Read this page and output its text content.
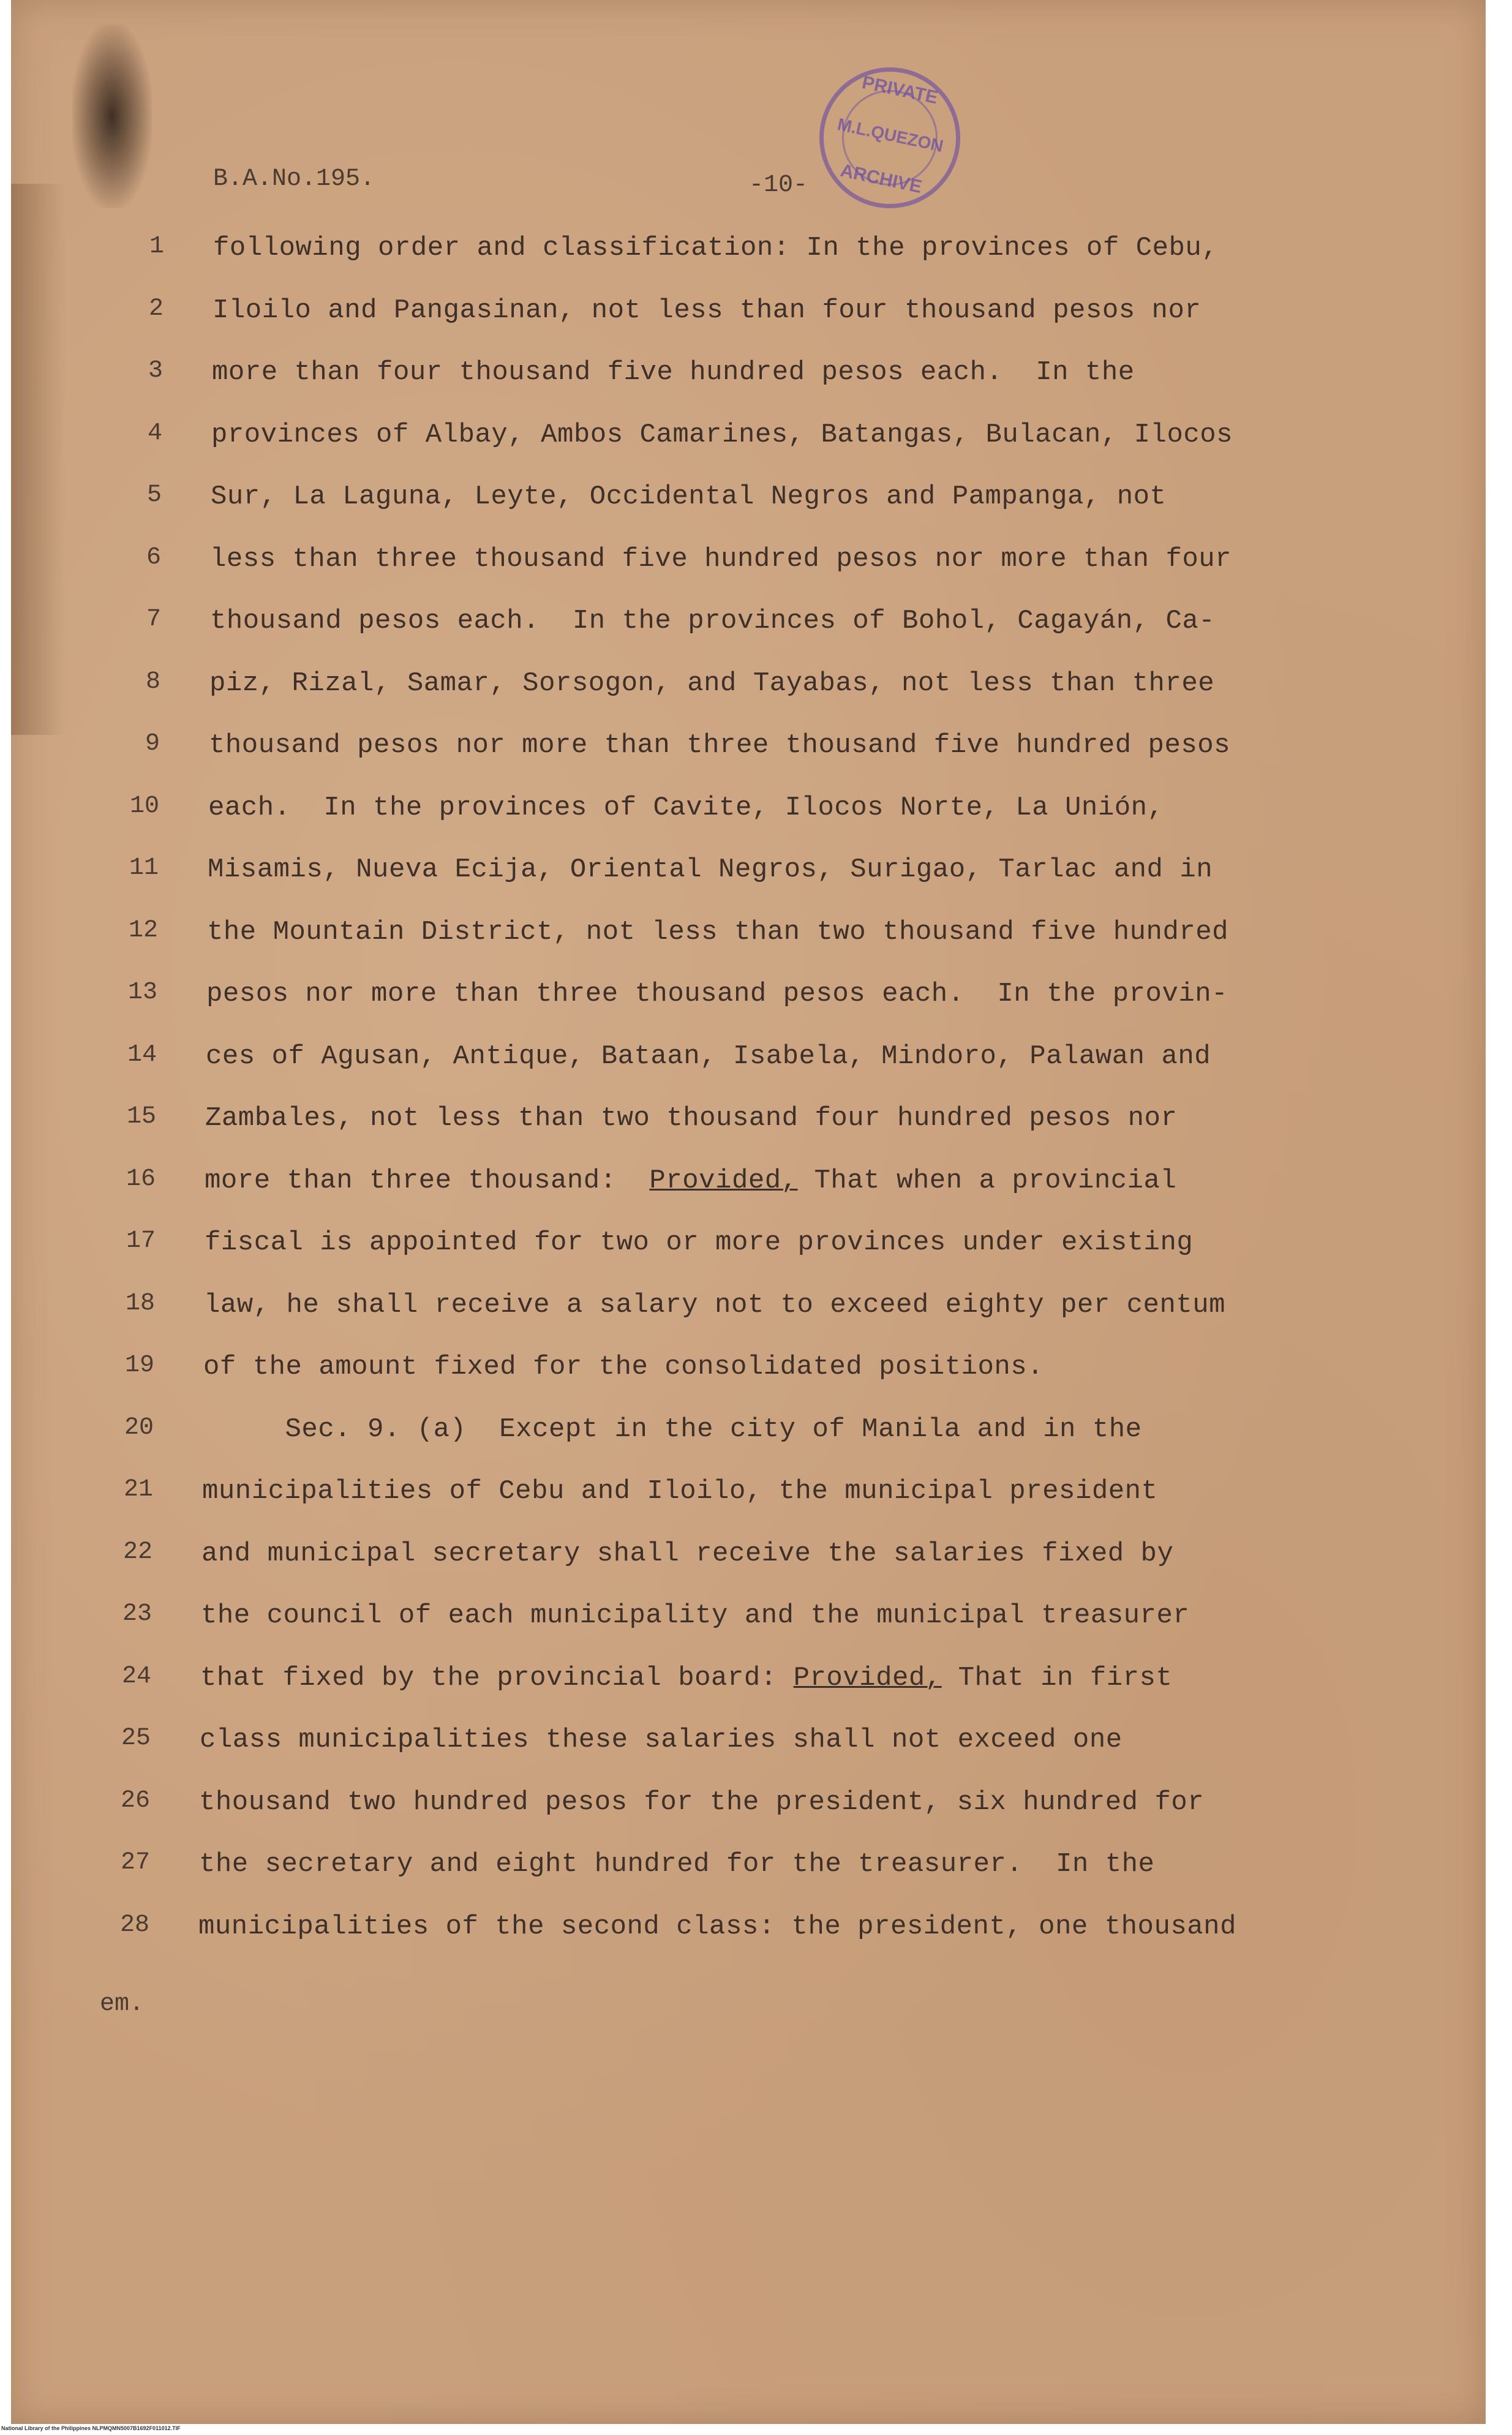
B.A.No.195.	-10-
PRIVATE
M.L.QUEZON
ARCHIVE
1 following order and classification: In the provinces of Cebu,
2 Iloilo and Pangasinan, not less than four thousand pesos nor
3 more than four thousand five hundred pesos each.  In the
4 provinces of Albay, Ambos Camarines, Batangas, Bulacan, Ilocos
5 Sur, La Laguna, Leyte, Occidental Negros and Pampanga, not
6 less than three thousand five hundred pesos nor more than four
7 thousand pesos each.  In the provinces of Bohol, Cagayán, Ca-
8 piz, Rizal, Samar, Sorsogon, and Tayabas, not less than three
9 thousand pesos nor more than three thousand five hundred pesos
10 each.  In the provinces of Cavite, Ilocos Norte, La Unión,
11 Misamis, Nueva Ecija, Oriental Negros, Surigao, Tarlac and in
12 the Mountain District, not less than two thousand five hundred
13 pesos nor more than three thousand pesos each.  In the provin-
14 ces of Agusan, Antique, Bataan, Isabela, Mindoro, Palawan and
15 Zambales, not less than two thousand four hundred pesos nor
16 more than three thousand:  Provided, That when a provincial
17 fiscal is appointed for two or more provinces under existing
18 law, he shall receive a salary not to exceed eighty per centum
19 of the amount fixed for the consolidated positions.
20 Sec. 9. (a)  Except in the city of Manila and in the
21 municipalities of Cebu and Iloilo, the municipal president
22 and municipal secretary shall receive the salaries fixed by
23 the council of each municipality and the municipal treasurer
24 that fixed by the provincial board: Provided, That in first
25 class municipalities these salaries shall not exceed one
26 thousand two hundred pesos for the president, six hundred for
27 the secretary and eight hundred for the treasurer.  In the
28 municipalities of the second class: the president, one thousand
em.
National Library of the Philippines NLPMQMN5007B1692F011012.TIF
